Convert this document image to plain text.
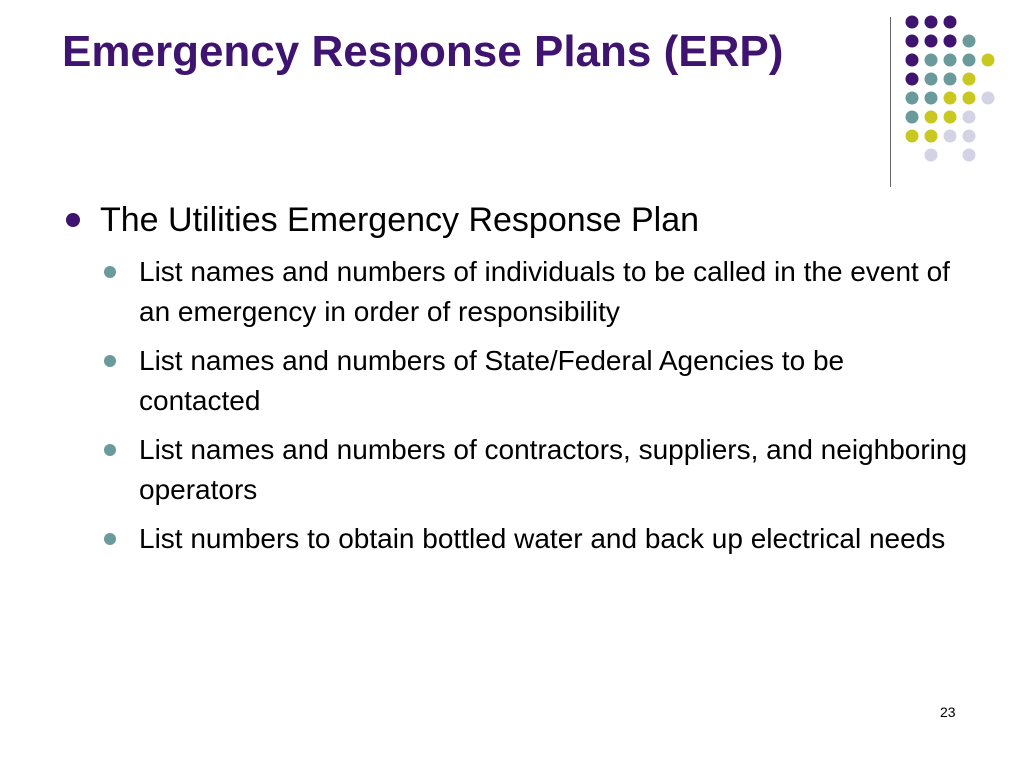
Emergency Response Plans (ERP)
The Utilities Emergency Response Plan
List names and numbers of individuals to be called in the event of an emergency in order of responsibility
List names and numbers of State/Federal Agencies to be contacted
List names and numbers of contractors, suppliers, and neighboring operators
List numbers to obtain bottled water and back up electrical needs
23
